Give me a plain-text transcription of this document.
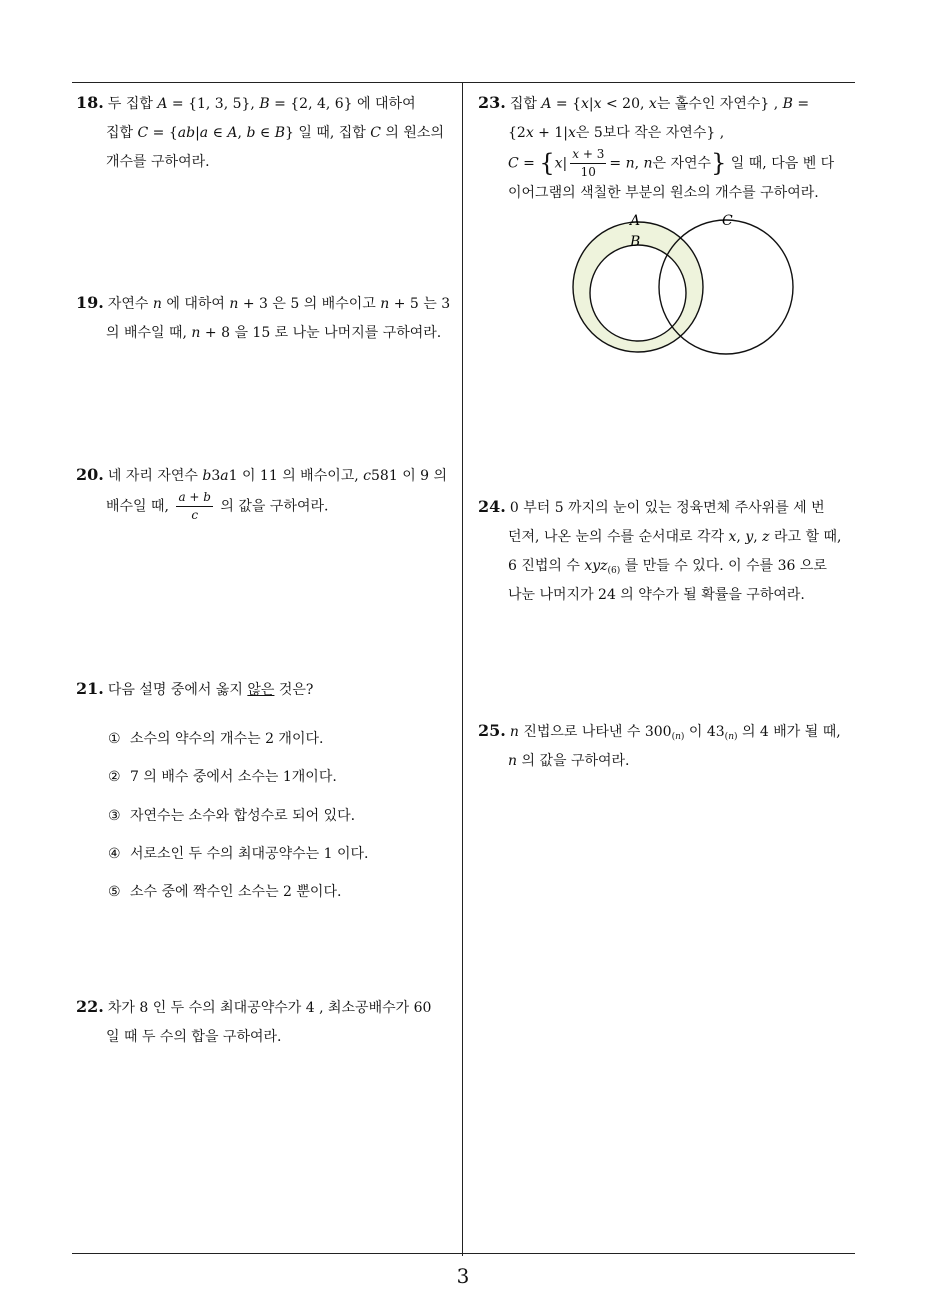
18. 두 집합 A = {1, 3, 5}, B = {2, 4, 6} 에 대하여
집합 C = {ab|a ∈ A, b ∈ B} 일 때, 집합 C 의 원소의
개수를 구하여라.
19. 자연수 n 에 대하여 n + 3 은 5 의 배수이고 n + 5 는 3
의 배수일 때, n + 8 을 15 로 나눈 나머지를 구하여라.
20. 네 자리 자연수 b3a1 이 11 의 배수이고, c581 이 9 의
배수일 때, $\frac{a + b}{c}$ 의 값을 구하여라.
21. 다음 설명 중에서 옳지 않은 것은?
① 소수의 약수의 개수는 2 개이다.
② 7 의 배수 중에서 소수는 1개이다.
③ 자연수는 소수와 합성수로 되어 있다.
④ 서로소인 두 수의 최대공약수는 1 이다.
⑤ 소수 중에 짝수인 소수는 2 뿐이다.
22. 차가 8 인 두 수의 최대공약수가 4 , 최소공배수가 60
일 때 두 수의 합을 구하여라.
23. 집합 A = {x|x < 20, x는 홀수인 자연수} , B =
{2x + 1|x은 5보다 작은 자연수} ,
$C = \{x| \frac{x + 3}{10} = n$, n은 자연수} 일 때, 다음 벤 다
이어그램의 색칠한 부분의 원소의 개수를 구하여라.
A
B
C
24. 0 부터 5 까지의 눈이 있는 정육면체 주사위를 세 번
던져, 나온 눈의 수를 순서대로 각각 x, y, z 라고 할 때,
6 진법의 수 xyz$_{(6)}$ 를 만들 수 있다. 이 수를 36 으로
나눈 나머지가 24 의 약수가 될 확률을 구하여라.
25. n 진법으로 나타낸 수 $300_{(n)}$ 이 $43_{(n)}$ 의 4 배가 될 때,
n 의 값을 구하여라.
3
